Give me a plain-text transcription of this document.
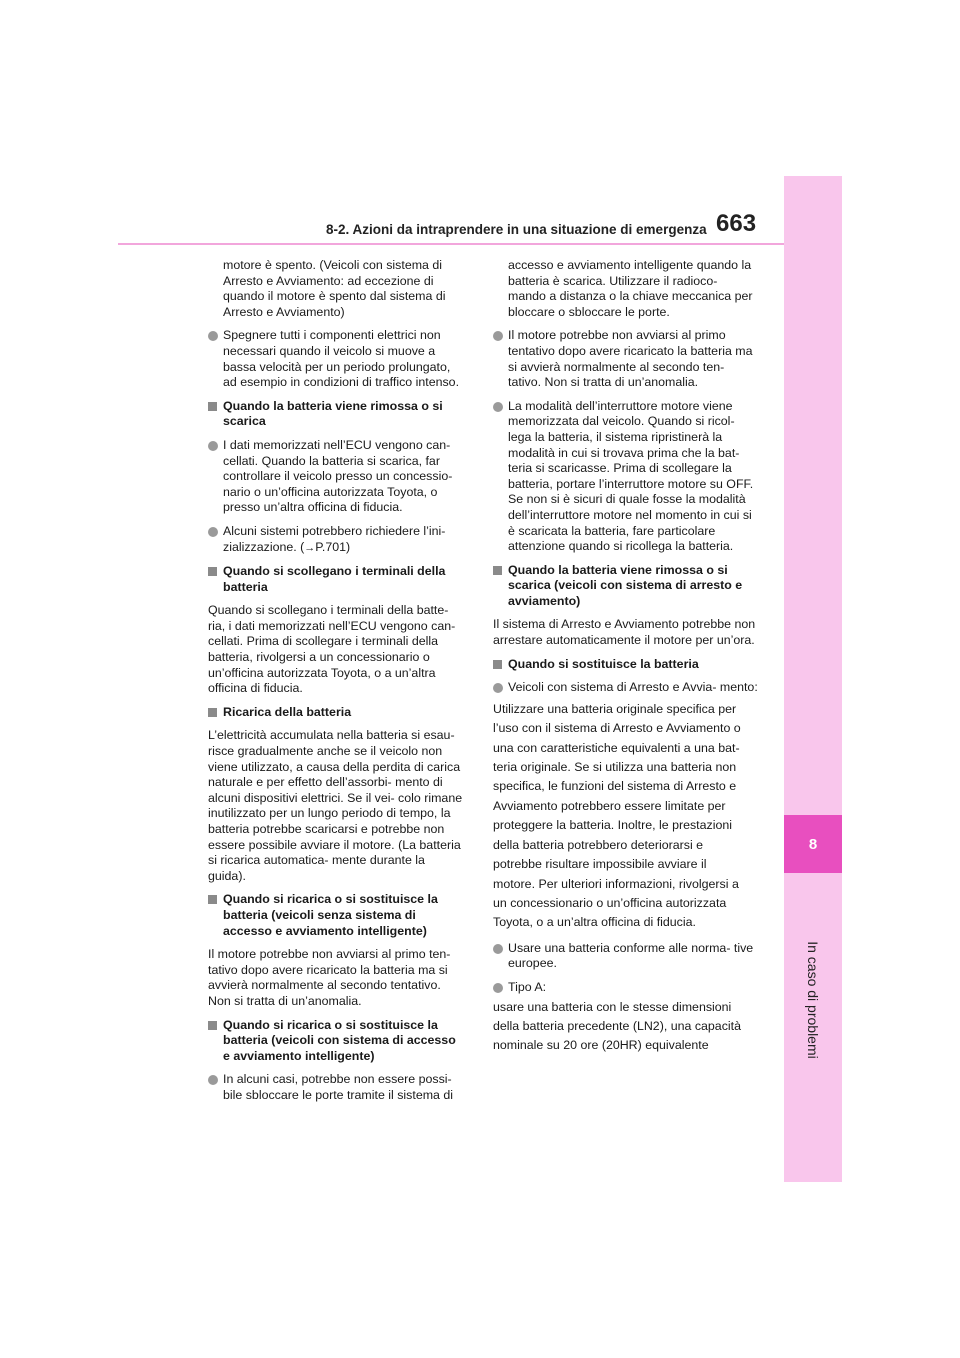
8
In caso di problemi
8-2. Azioni da intraprendere in una situazione di emergenza 663

motore è spento. (Veicoli con sistema di Arresto e Avviamento: ad eccezione di quando il motore è spento dal sistema di Arresto e Avviamento)

Spegnere tutti i componenti elettrici non necessari quando il veicolo si muove a bassa velocità per un periodo prolungato, ad esempio in condizioni di traffico intenso.
Quando la batteria viene rimossa o si scarica
I dati memorizzati nell’ECU vengono can- cellati. Quando la batteria si scarica, far controllare il veicolo presso un concessio- nario o un’officina autorizzata Toyota, o presso un’altra officina di fiducia.
Alcuni sistemi potrebbero richiedere l’ini- zializzazione. (→P.701)
Quando si scollegano i terminali della batteria

Quando si scollegano i terminali della batte- ria, i dati memorizzati nell’ECU vengono can- cellati. Prima di scollegare i terminali della batteria, rivolgersi a un concessionario o un’officina autorizzata Toyota, o a un’altra officina di fiducia.

Ricarica della batteria

L’elettricità accumulata nella batteria si esau- risce gradualmente anche se il veicolo non viene utilizzato, a causa della perdita di carica naturale e per effetto dell’assorbi- mento di alcuni dispositivi elettrici. Se il vei- colo rimane inutilizzato per un lungo periodo di tempo, la batteria potrebbe scaricarsi e potrebbe non essere possibile avviare il motore. (La batteria si ricarica automatica- mente durante la guida).

Quando si ricarica o si sostituisce la batteria (veicoli senza sistema di accesso e avviamento intelligente)

Il motore potrebbe non avviarsi al primo ten- tativo dopo avere ricaricato la batteria ma si avvierà normalmente al secondo tentativo. Non si tratta di un’anomalia.

Quando si ricarica o si sostituisce la batteria (veicoli con sistema di accesso e avviamento intelligente)
In alcuni casi, potrebbe non essere possi- bile sbloccare le porte tramite il sistema di

accesso e avviamento intelligente quando la batteria è scarica. Utilizzare il radioco- mando a distanza o la chiave meccanica per bloccare o sbloccare le porte.

Il motore potrebbe non avviarsi al primo tentativo dopo avere ricaricato la batteria ma si avvierà normalmente al secondo ten- tativo. Non si tratta di un’anomalia.
La modalità dell’interruttore motore viene memorizzata dal veicolo. Quando si ricol- lega la batteria, il sistema ripristinerà la modalità in cui si trovava prima che la bat- teria si scaricasse. Prima di scollegare la batteria, portare l’interruttore motore su OFF.
Se non si è sicuri di quale fosse la modalità dell’interruttore motore nel momento in cui si è scaricata la batteria, fare particolare attenzione quando si ricollega la batteria.
Quando la batteria viene rimossa o si scarica (veicoli con sistema di arresto e avviamento)

Il sistema di Arresto e Avviamento potrebbe non arrestare automaticamente il motore per un’ora.

Quando si sostituisce la batteria
Veicoli con sistema di Arresto e Avvia- mento:
Utilizzare una batteria originale specifica per
l’uso con il sistema di Arresto e Avviamento o
una con caratteristiche equivalenti a una bat-
teria originale. Se si utilizza una batteria non
specifica, le funzioni del sistema di Arresto e
Avviamento potrebbero essere limitate per
proteggere la batteria. Inoltre, le prestazioni
della batteria potrebbero deteriorarsi e
potrebbe risultare impossibile avviare il
motore. Per ulteriori informazioni, rivolgersi a
un concessionario o un’officina autorizzata
Toyota, o a un’altra officina di fiducia.
Usare una batteria conforme alle norma- tive europee.
Tipo A:
usare una batteria con le stesse dimensioni
della batteria precedente (LN2), una capacità
nominale su 20 ore (20HR) equivalente
